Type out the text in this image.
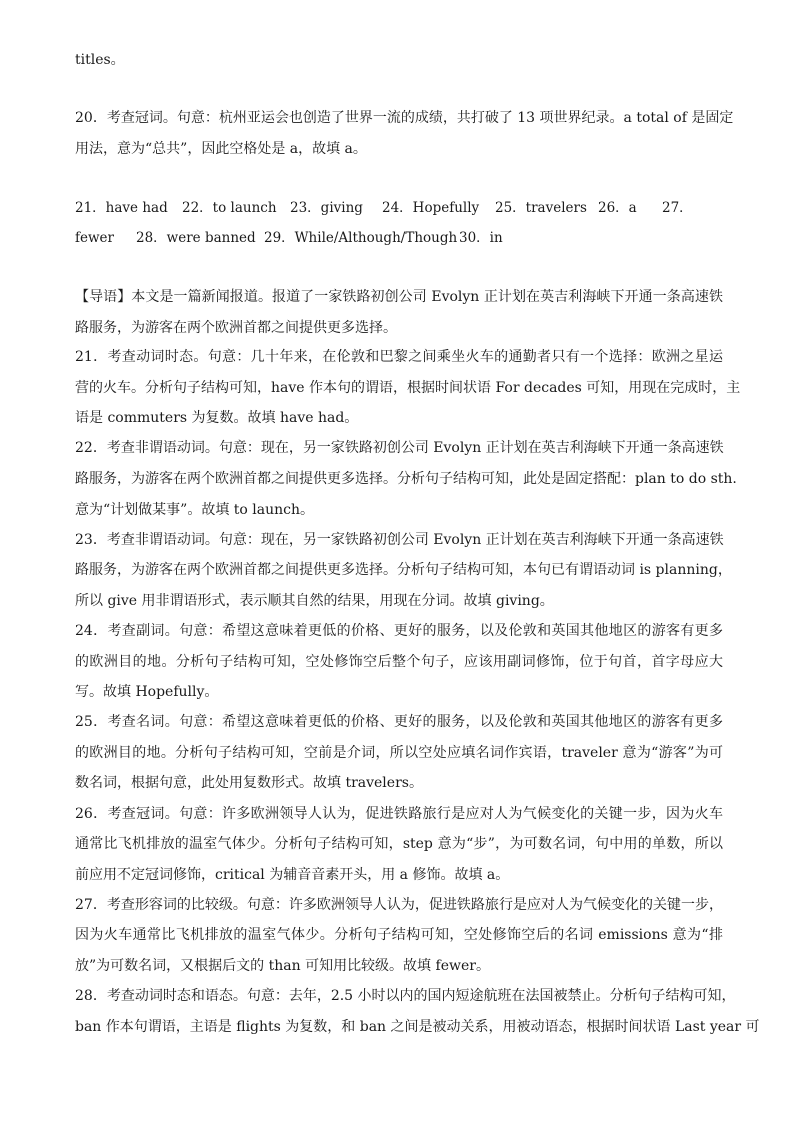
titles。
20．考查冠词。句意：杭州亚运会也创造了世界一流的成绩，共打破了 13 项世界纪录。a total of 是固定
用法，意为“总共”，因此空格处是 a，故填 a。
21．have had	22．to launch 23．giving	24．Hopefully	25．travelers 26．a	27．
fewer	28．were banned 29．While/Although/Though 30．in
【导语】本文是一篇新闻报道。报道了一家铁路初创公司 Evolyn 正计划在英吉利海峡下开通一条高速铁
路服务，为游客在两个欧洲首都之间提供更多选择。
21．考查动词时态。句意：几十年来，在伦敦和巴黎之间乘坐火车的通勤者只有一个选择：欧洲之星运
营的火车。分析句子结构可知，have 作本句的谓语，根据时间状语 For decades 可知，用现在完成时，主
语是 commuters 为复数。故填 have had。
22．考查非谓语动词。句意：现在，另一家铁路初创公司 Evolyn 正计划在英吉利海峡下开通一条高速铁
路服务，为游客在两个欧洲首都之间提供更多选择。分析句子结构可知，此处是固定搭配：plan to do sth.
意为“计划做某事”。故填 to launch。
23．考查非谓语动词。句意：现在，另一家铁路初创公司 Evolyn 正计划在英吉利海峡下开通一条高速铁
路服务，为游客在两个欧洲首都之间提供更多选择。分析句子结构可知，本句已有谓语动词 is planning，
所以 give 用非谓语形式，表示顺其自然的结果，用现在分词。故填 giving。
24．考查副词。句意：希望这意味着更低的价格、更好的服务，以及伦敦和英国其他地区的游客有更多
的欧洲目的地。分析句子结构可知，空处修饰空后整个句子，应该用副词修饰，位于句首，首字母应大
写。故填 Hopefully。
25．考查名词。句意：希望这意味着更低的价格、更好的服务，以及伦敦和英国其他地区的游客有更多
的欧洲目的地。分析句子结构可知，空前是介词，所以空处应填名词作宾语，traveler 意为“游客”为可
数名词，根据句意，此处用复数形式。故填 travelers。
26．考查冠词。句意：许多欧洲领导人认为，促进铁路旅行是应对人为气候变化的关键一步，因为火车
通常比飞机排放的温室气体少。分析句子结构可知，step 意为“步”，为可数名词，句中用的单数，所以
前应用不定冠词修饰，critical 为辅音音素开头，用 a 修饰。故填 a。
27．考查形容词的比较级。句意：许多欧洲领导人认为，促进铁路旅行是应对人为气候变化的关键一步，
因为火车通常比飞机排放的温室气体少。分析句子结构可知，空处修饰空后的名词 emissions 意为“排
放”为可数名词，又根据后文的 than 可知用比较级。故填 fewer。
28．考查动词时态和语态。句意：去年，2.5 小时以内的国内短途航班在法国被禁止。分析句子结构可知，
ban 作本句谓语，主语是 flights 为复数，和 ban 之间是被动关系，用被动语态，根据时间状语 Last year 可
